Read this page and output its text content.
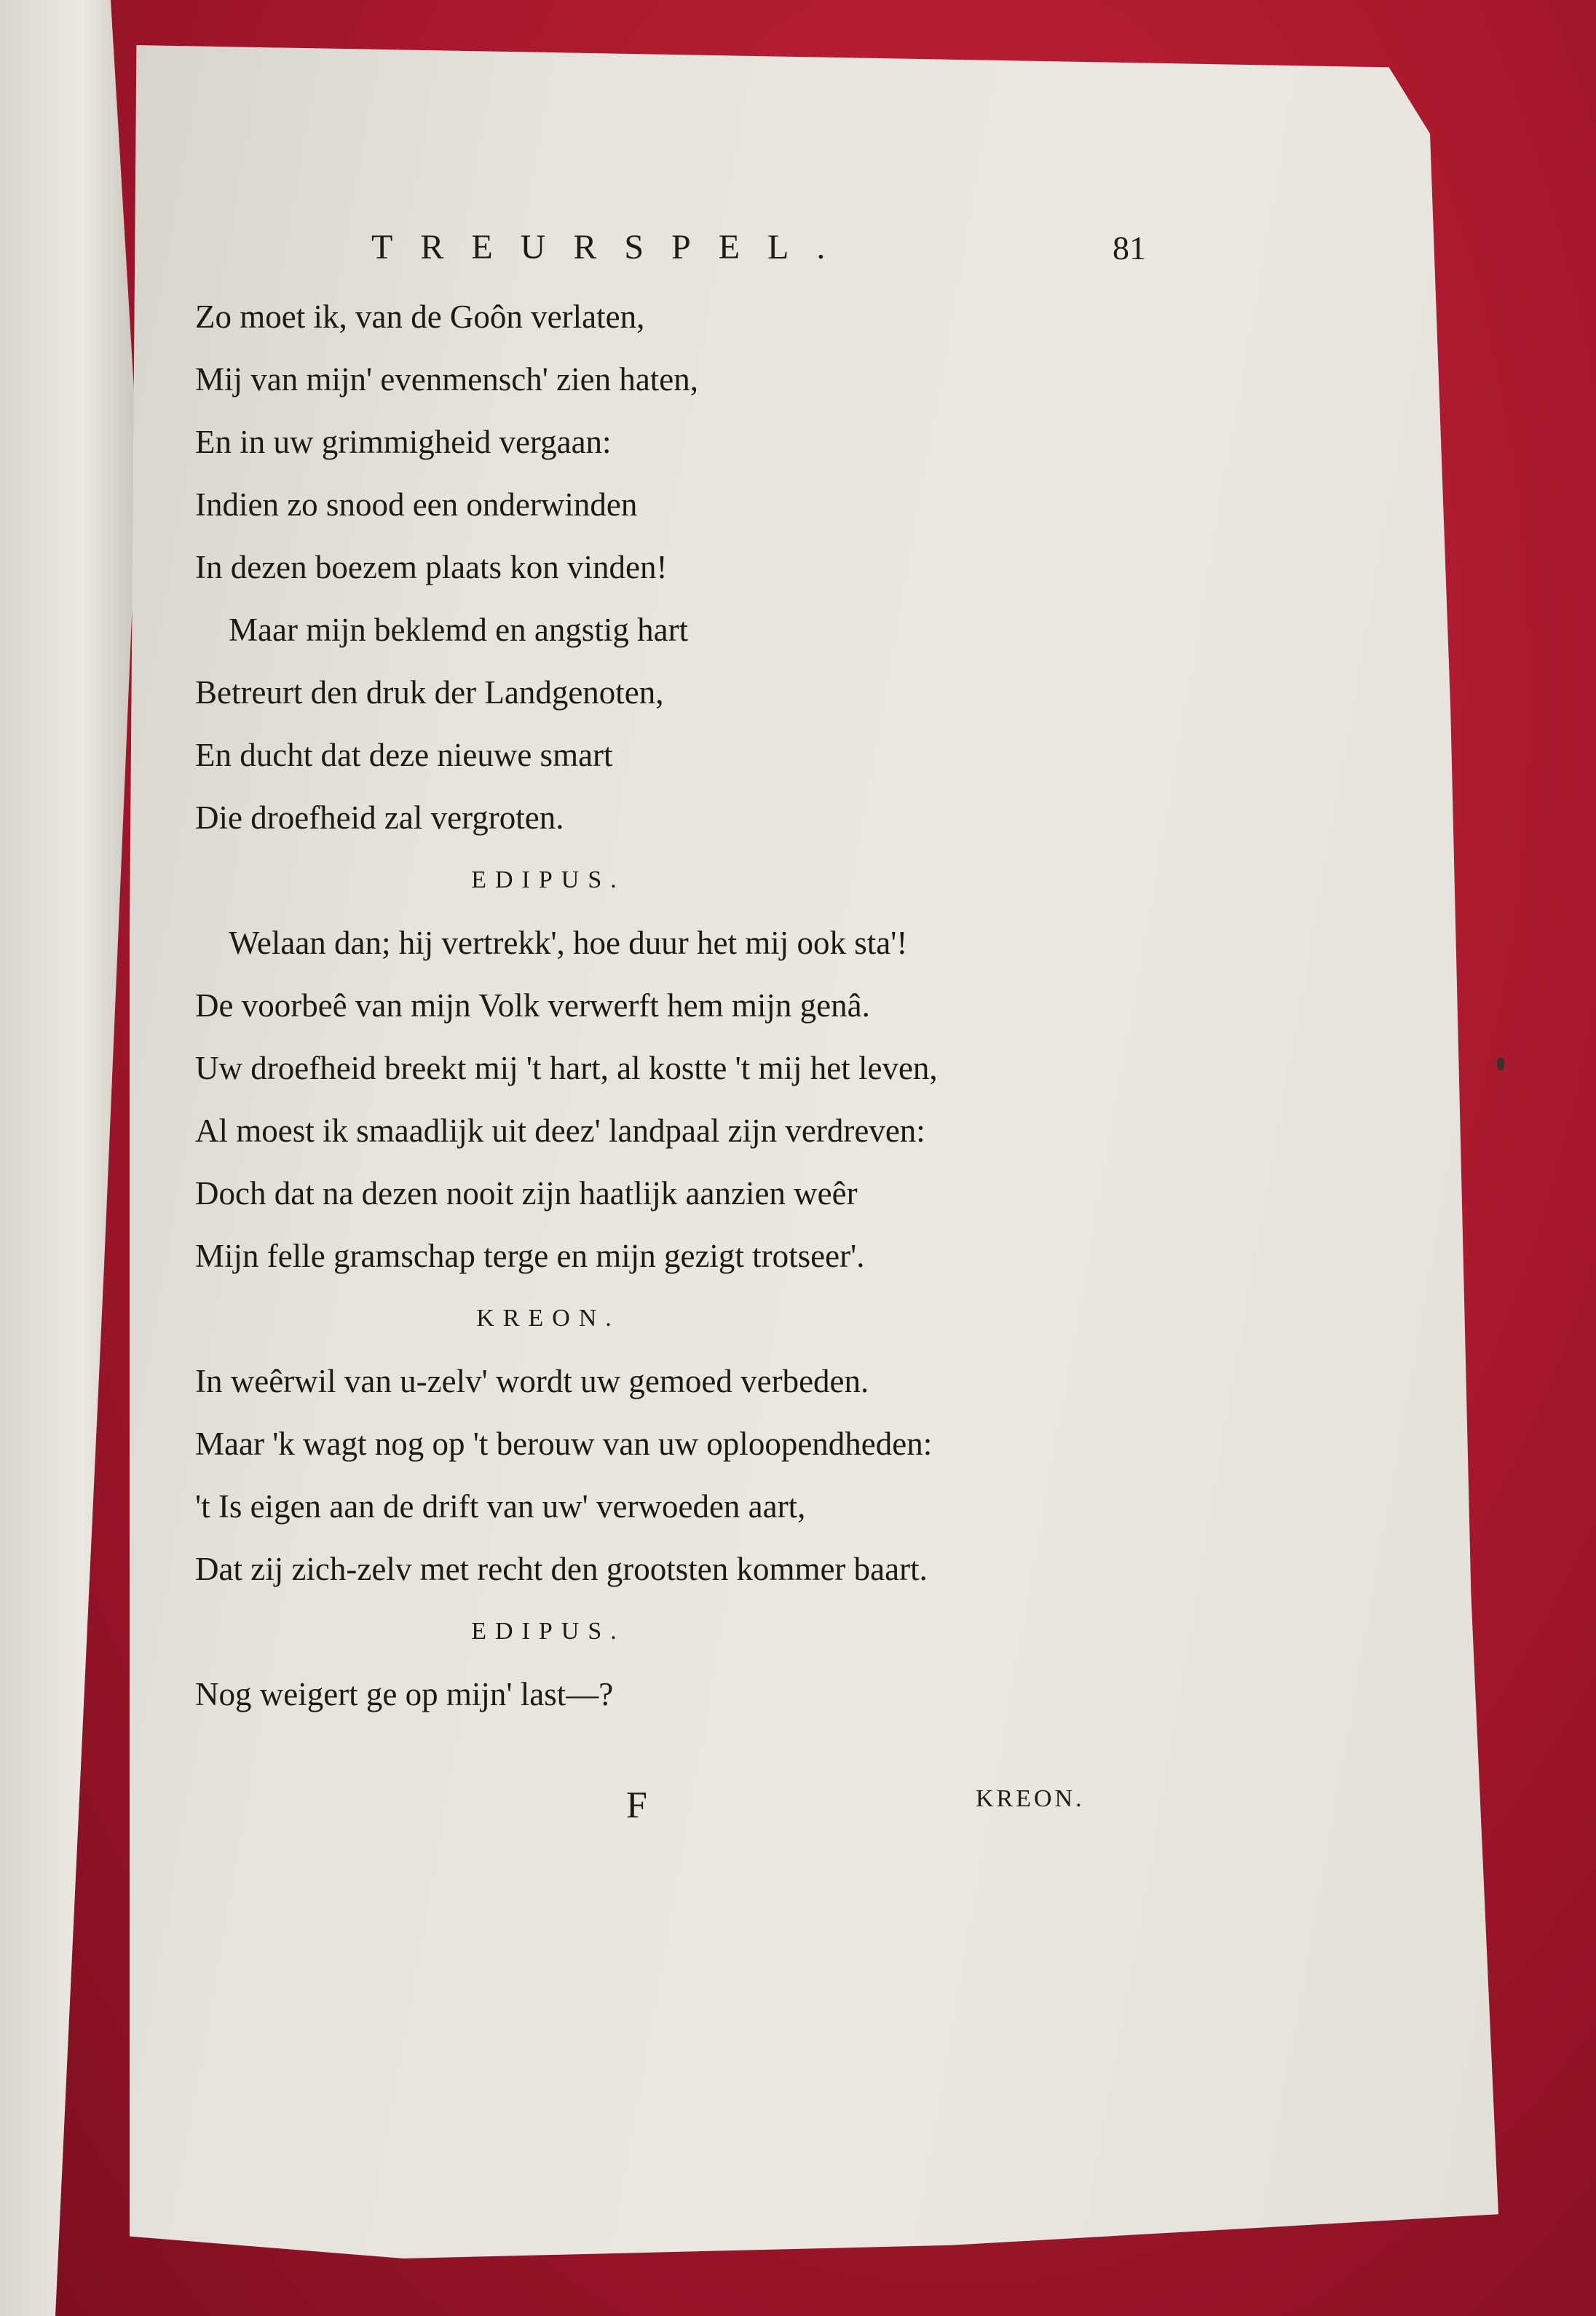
TREURSPEL.	81
Zo moet ik, van de Goôn verlaten,
Mij van mijn' evenmensch' zien haten,
En in uw grimmigheid vergaan:
Indien zo snood een onderwinden
In dezen boezem plaats kon vinden!
Maar mijn beklemd en angstig hart
Betreurt den druk der Landgenoten,
En ducht dat deze nieuwe smart
Die droefheid zal vergroten.
EDIPUS.
Welaan dan; hij vertrekk', hoe duur het mij ook sta'!
De voorbeê van mijn Volk verwerft hem mijn genâ.
Uw droefheid breekt mij 't hart, al kostte 't mij het leven,
Al moest ik smaadlijk uit deez' landpaal zijn verdreven:
Doch dat na dezen nooit zijn haatlijk aanzien weêr
Mijn felle gramschap terge en mijn gezigt trotseer'.
KREON.
In weêrwil van u-zelv' wordt uw gemoed verbeden.
Maar 'k wagt nog op 't berouw van uw oploopendheden:
't Is eigen aan de drift van uw' verwoeden aart,
Dat zij zich-zelv met recht den grootsten kommer baart.
EDIPUS.
Nog weigert ge op mijn' last—?
F	KREON.
